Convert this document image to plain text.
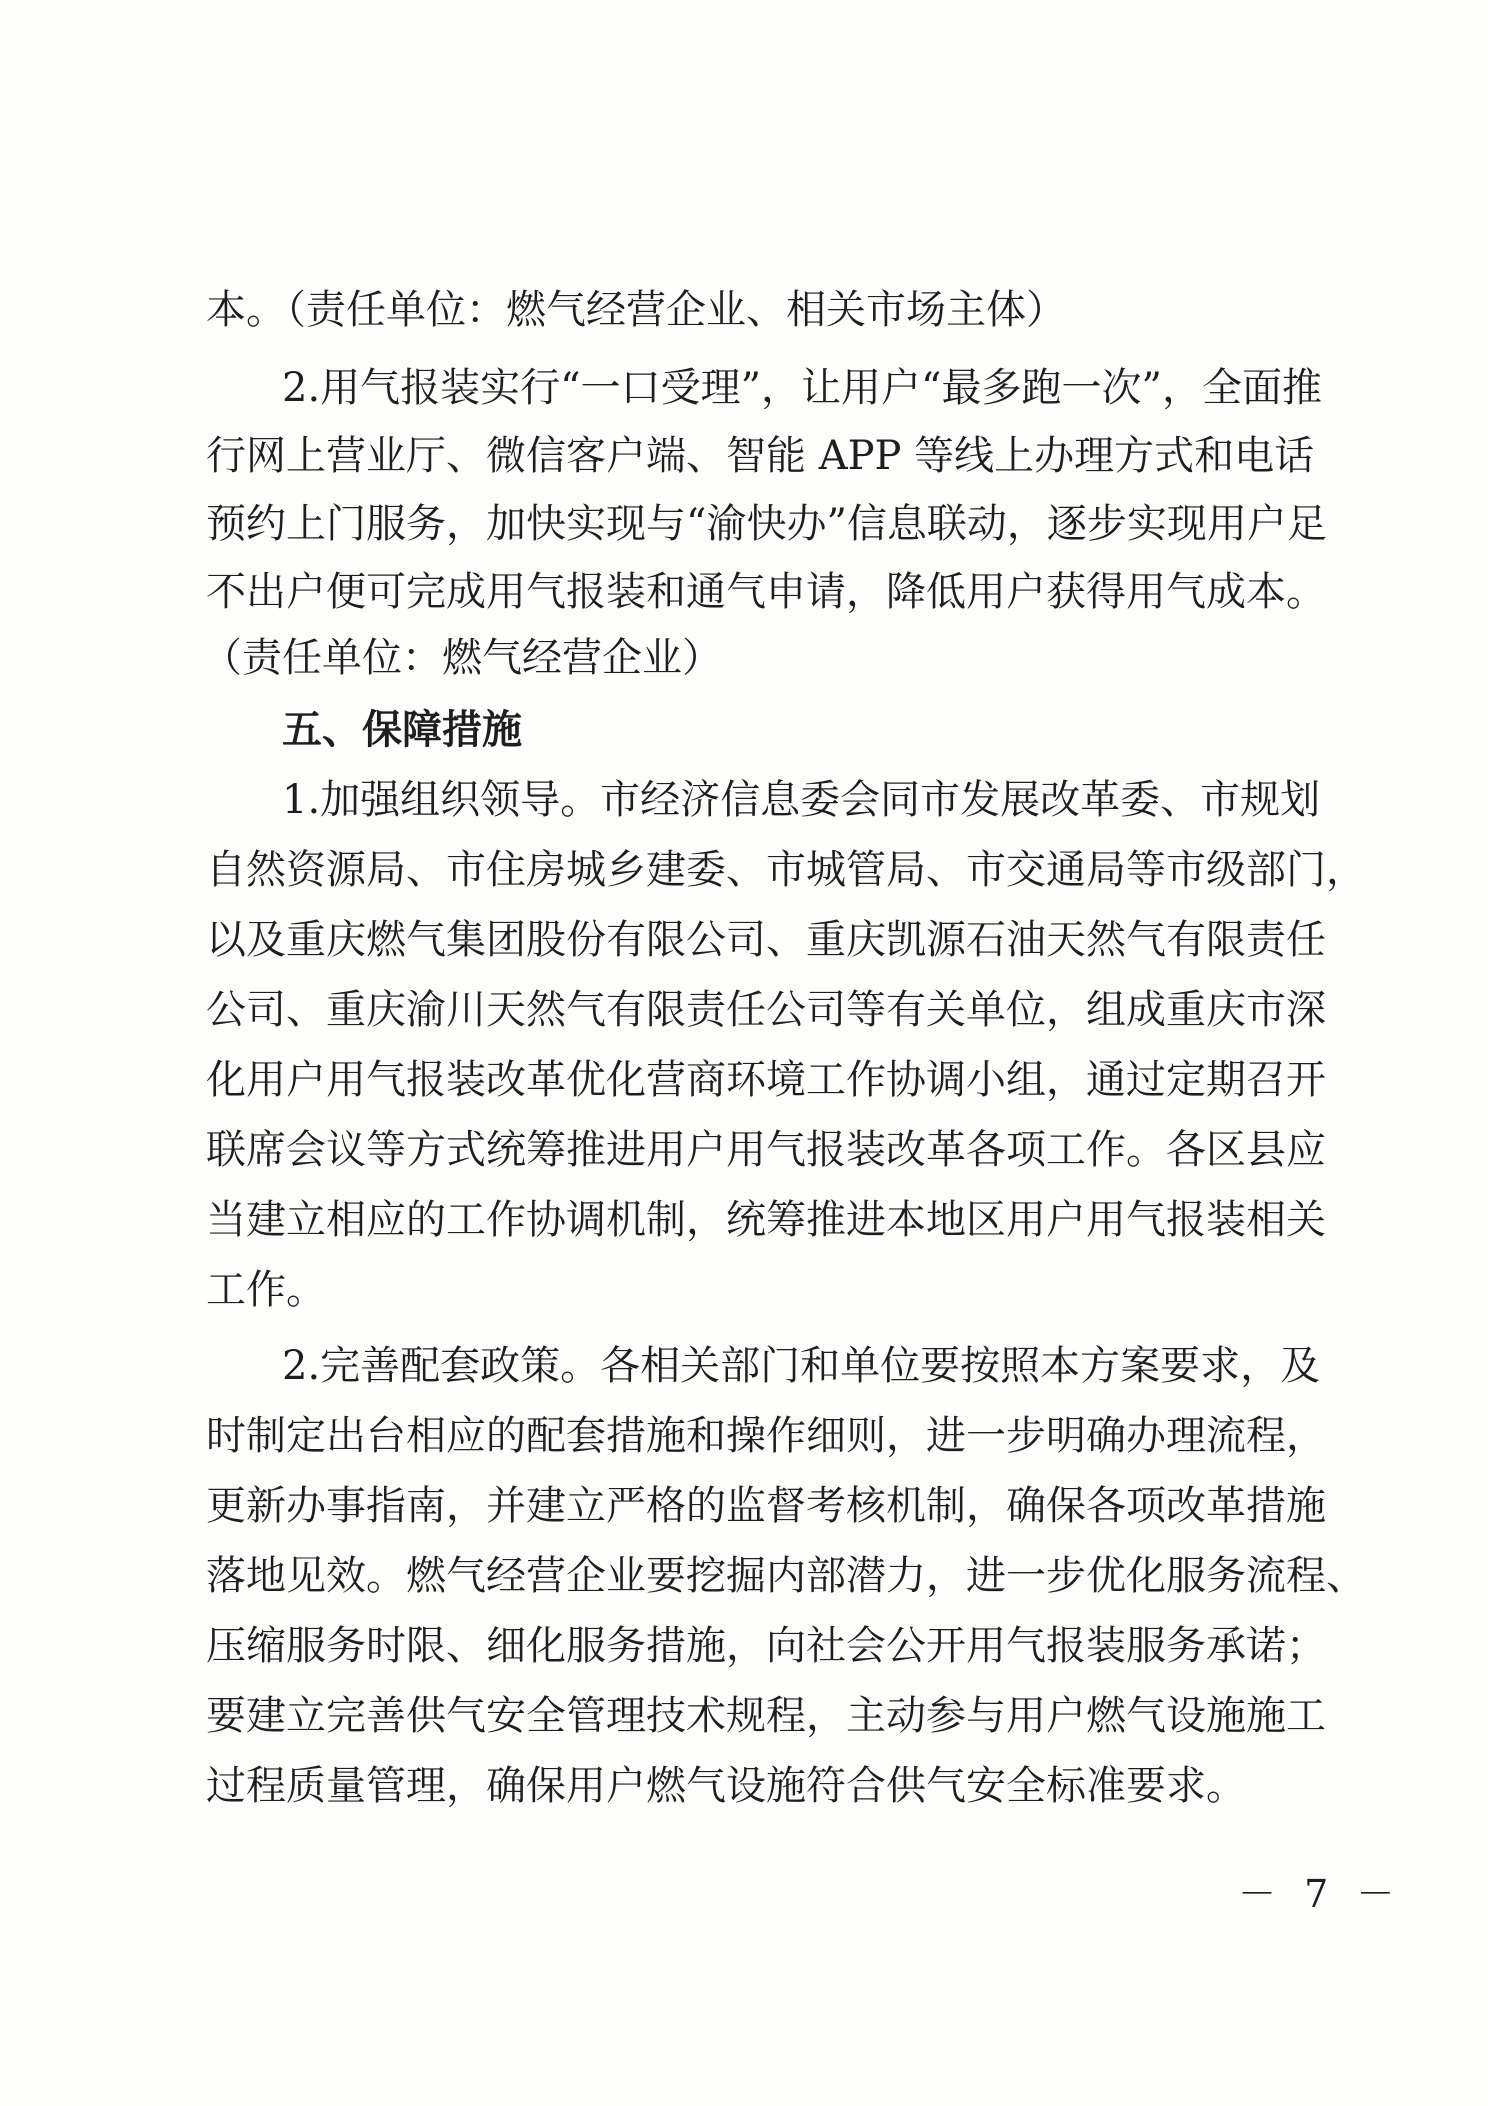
本。（责任单位：燃气经营企业、相关市场主体）
2.用气报装实行“一口受理”，让用户“最多跑一次”，全面推
行网上营业厅、微信客户端、智能 APP 等线上办理方式和电话
预约上门服务，加快实现与“渝快办”信息联动，逐步实现用户足
不出户便可完成用气报装和通气申请，降低用户获得用气成本。
（责任单位：燃气经营企业）
五、保障措施
1.加强组织领导。市经济信息委会同市发展改革委、市规划
自然资源局、市住房城乡建委、市城管局、市交通局等市级部门，
以及重庆燃气集团股份有限公司、重庆凯源石油天然气有限责任
公司、重庆渝川天然气有限责任公司等有关单位，组成重庆市深
化用户用气报装改革优化营商环境工作协调小组，通过定期召开
联席会议等方式统筹推进用户用气报装改革各项工作。各区县应
当建立相应的工作协调机制，统筹推进本地区用户用气报装相关
工作。
2.完善配套政策。各相关部门和单位要按照本方案要求，及
时制定出台相应的配套措施和操作细则，进一步明确办理流程，
更新办事指南，并建立严格的监督考核机制，确保各项改革措施
落地见效。燃气经营企业要挖掘内部潜力，进一步优化服务流程、
压缩服务时限、细化服务措施，向社会公开用气报装服务承诺；
要建立完善供气安全管理技术规程，主动参与用户燃气设施施工
过程质量管理，确保用户燃气设施符合供气安全标准要求。
－ 7 －
